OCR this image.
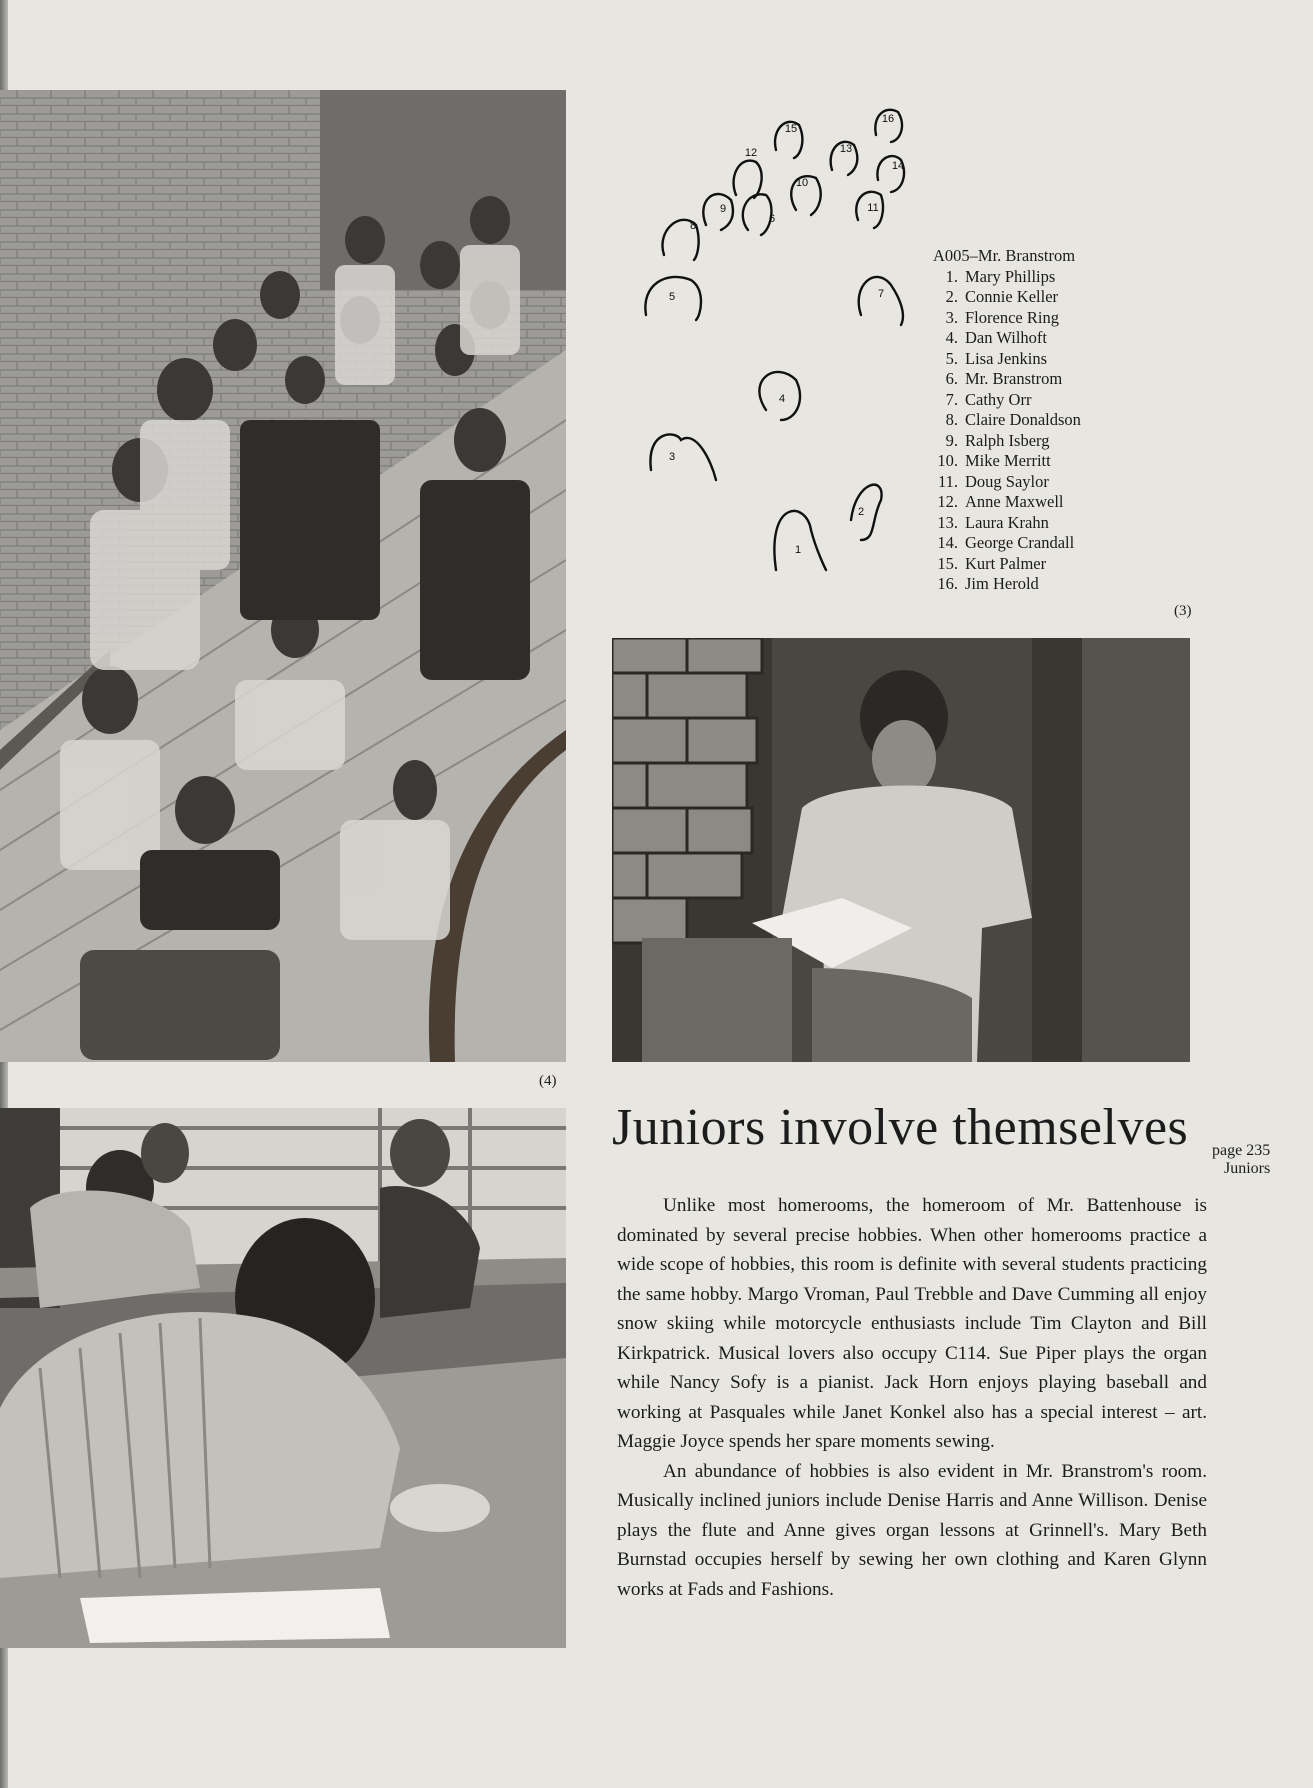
(4)
1
2
3
4
5
6
7
8
9
10
11
12	13
14
15
16
A005–Mr. Branstrom
1. Mary Phillips
2. Connie Keller
3. Florence Ring
4. Dan Wilhoft
5. Lisa Jenkins
6. Mr. Branstrom
7. Cathy Orr
8. Claire Donaldson
9. Ralph Isberg
10. Mike Merritt
11. Doug Saylor
12. Anne Maxwell
13. Laura Krahn
14. George Crandall
15. Kurt Palmer
16. Jim Herold
(3)
Juniors involve themselves page 235
Juniors

Unlike most homerooms, the homeroom of Mr. Battenhouse is dominated by several precise hobbies. When other homerooms practice a wide scope of hobbies, this room is definite with several students practicing the same hobby. Margo Vroman, Paul Trebble and Dave Cumming all enjoy snow skiing while motorcycle enthusiasts include Tim Clayton and Bill Kirkpatrick. Musical lovers also occupy C114. Sue Piper plays the organ while Nancy Sofy is a pianist. Jack Horn enjoys playing baseball and working at Pasquales while Janet Konkel also has a special interest – art. Maggie Joyce spends her spare moments sewing.

An abundance of hobbies is also evident in Mr. Branstrom's room. Musically inclined juniors include Denise Harris and Anne Willison. Denise plays the flute and Anne gives organ lessons at Grinnell's. Mary Beth Burnstad occupies herself by sewing her own clothing and Karen Glynn works at Fads and Fashions.
